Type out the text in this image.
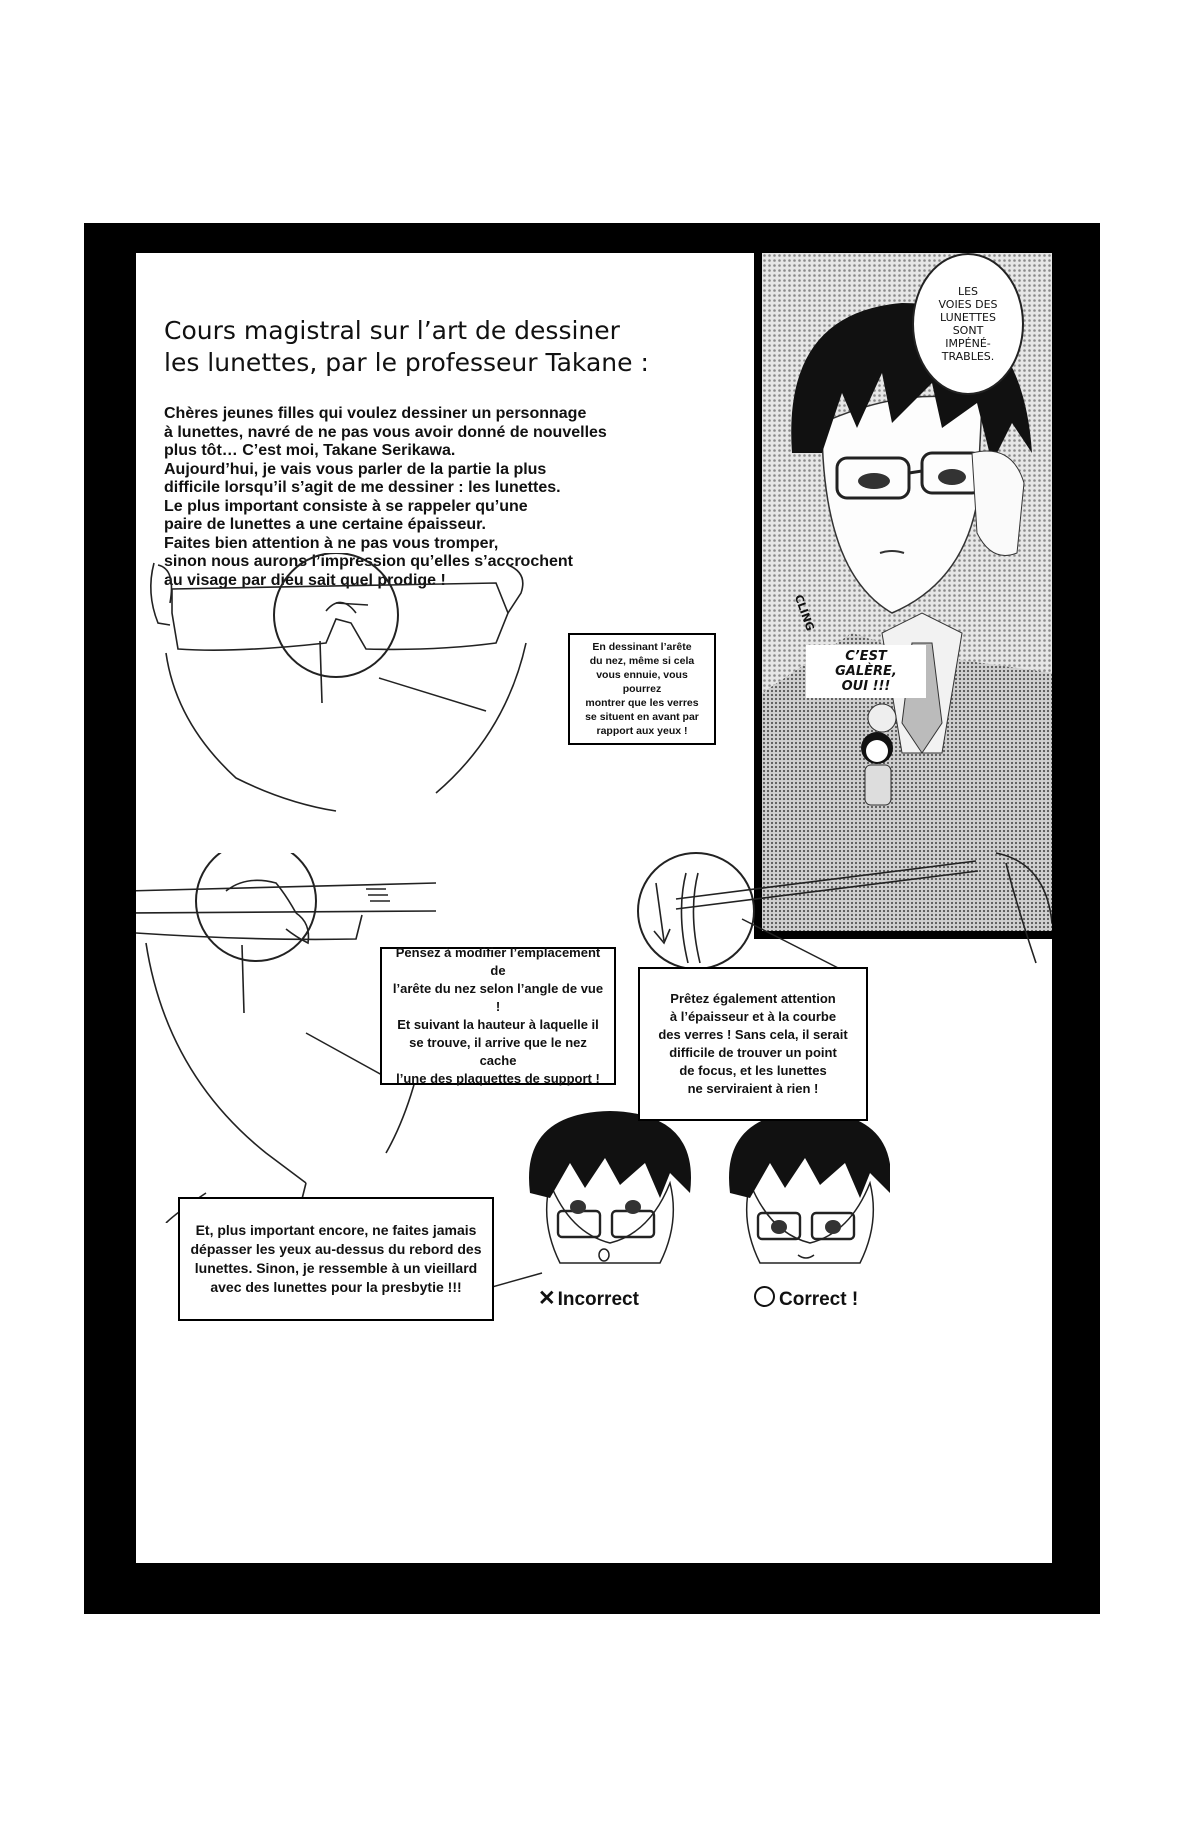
Cours magistral sur l’art de dessiner
les lunettes, par le professeur Takane :
Chères jeunes filles qui voulez dessiner un personnage
à lunettes, navré de ne pas vous avoir donné de nouvelles
plus tôt… C’est moi, Takane Serikawa.
Aujourd’hui, je vais vous parler de la partie la plus
difficile lorsqu’il s’agit de me dessiner : les lunettes.
Le plus important consiste à se rappeler qu’une
paire de lunettes a une certaine épaisseur.
Faites bien attention à ne pas vous tromper,
sinon nous aurons l’impression qu’elles s’accrochent
au visage par dieu sait quel prodige !
LES
VOIES DES
LUNETTES
SONT
IMPÉNÉ-
TRABLES.
CLING
C’EST
GALÈRE,
OUI !!!
En dessinant l’arête
du nez, même si cela
vous ennuie, vous pourrez
montrer que les verres
se situent en avant par
rapport aux yeux !
Pensez à modifier l’emplacement de
l’arête du nez selon l’angle de vue !
Et suivant la hauteur à laquelle il
se trouve, il arrive que le nez cache
l’une des plaquettes de support !
Prêtez également attention
à l’épaisseur et à la courbe
des verres ! Sans cela, il serait
difficile de trouver un point
de focus, et les lunettes
ne serviraient à rien !
Et, plus important encore, ne faites jamais
dépasser les yeux au-dessus du rebord des
lunettes. Sinon, je ressemble à un vieillard
avec des lunettes pour la presbytie !!!	✕ Incorrect	Correct !
